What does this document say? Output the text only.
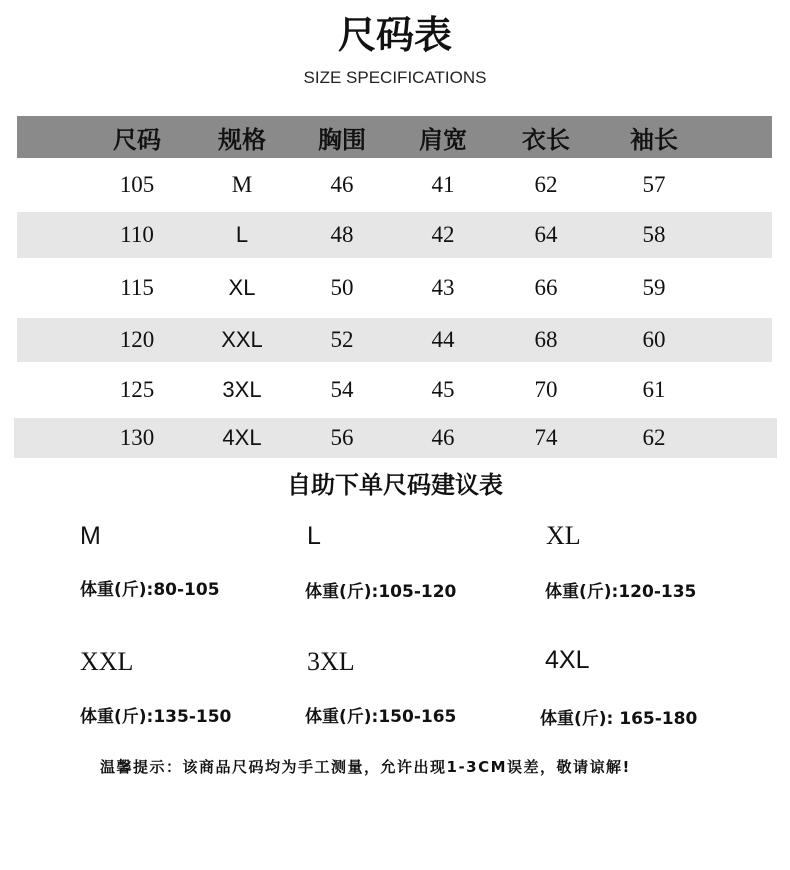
尺码表
SIZE SPECIFICATIONS
尺码	规格	胸围	肩宽	衣长	袖长
105	M	46	41	62	57
110	L	48	42	64	58
115	XL	50	43	66	59
120	XXL	52	44	68	60
125	3XL	54	45	70	61
130	4XL	56	46	74	62
自助下单尺码建议表
M
体重(斤):80-105
L
体重(斤):105-120
XL
体重(斤):120-135
XXL
体重(斤):135-150
3XL
体重(斤):150-165
4XL
体重(斤): 165-180
温馨提示：该商品尺码均为手工测量，允许出现1-3CM误差，敬请谅解!
